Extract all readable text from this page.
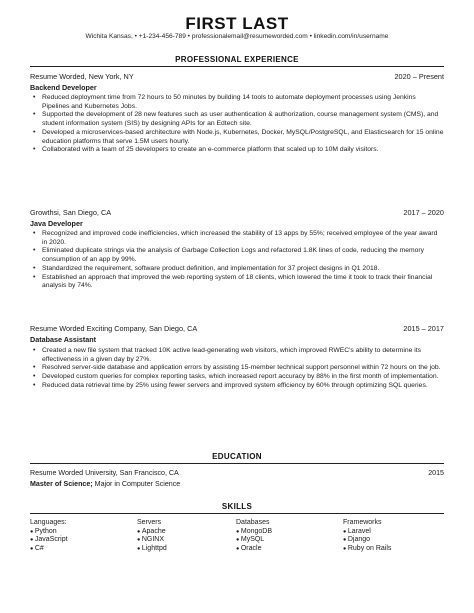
FIRST LAST
Wichita Kansas, • +1-234-456-789 • professionalemail@resumeworded.com • linkedin.com/in/username
PROFESSIONAL EXPERIENCE
Resume Worded, New York, NY	2020 – Present
Backend Developer
• Reduced deployment time from 72 hours to 50 minutes by building 14 tools to automate deployment processes using Jenkins Pipelines and Kubernetes Jobs.
• Supported the development of 28 new features such as user authentication & authorization, course management system (CMS), and student information system (SIS) by designing APIs for an Edtech site.
• Developed a microservices-based architecture with Node.js, Kubernetes, Docker, MySQL/PostgreSQL, and Elasticsearch for 15 online education platforms that serve 1.5M users hourly.
• Collaborated with a team of 25 developers to create an e-commerce platform that scaled up to 10M daily visitors.
Growthsi, San Diego, CA	2017 – 2020
Java Developer
• Recognized and improved code inefficiencies, which increased the stability of 13 apps by 55%; received employee of the year award in 2020.
• Eliminated duplicate strings via the analysis of Garbage Collection Logs and refactored 1.8K lines of code, reducing the memory consumption of an app by 99%.
• Standardized the requirement, software product definition, and implementation for 37 project designs in Q1 2018.
• Established an approach that improved the web reporting system of 18 clients, which lowered the time it took to track their financial analysis by 74%.
Resume Worded Exciting Company, San Diego, CA	2015 – 2017
Database Assistant
• Created a new file system that tracked 10K active lead-generating web visitors, which improved RWEC's ability to determine its effectiveness in a given day by 27%.
• Resolved server-side database and application errors by assisting 15-member technical support personnel within 72 hours on the job.
• Developed custom queries for complex reporting tasks, which increased report accuracy by 88% in the first month of implementation.
• Reduced data retrieval time by 25% using fewer servers and improved system efficiency by 60% through optimizing SQL queries.
EDUCATION
Resume Worded University, San Francisco, CA	2015
Master of Science; Major in Computer Science
SKILLS
Languages:
● Python
● JavaScript
● C#
Servers
● Apache
● NGINX
● Lighttpd
Databases
● MongoDB
● MySQL
● Oracle
Frameworks
● Laravel
● Django
● Ruby on Rails
